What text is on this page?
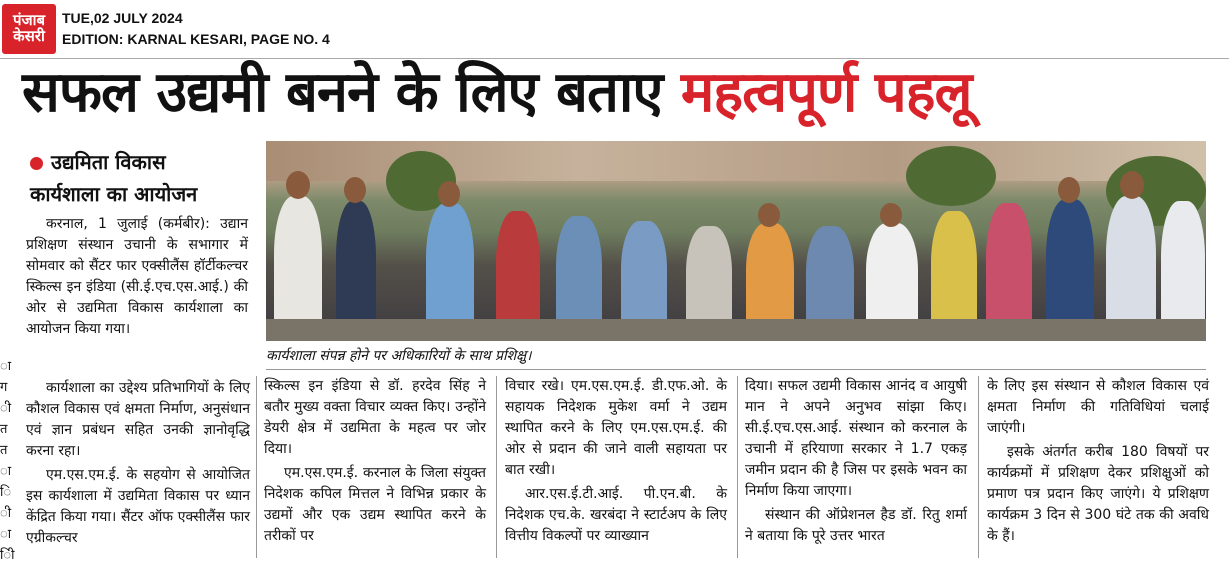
पंजाब
केसरी
TUE,02 JULY 2024
EDITION: KARNAL KESARI, PAGE NO. 4
सफल उद्यमी बनने के लिए बताए महत्वपूर्ण पहलू
उद्यमिता विकास
कार्यशाला का आयोजन
ा
ग
ी
त
त
ा
ि
ी
ा
िी
कार्यशाला संपन्न होने पर अधिकारियों के साथ प्रशिक्षु।

करनाल, 1 जुलाई (कर्मबीर): उद्यान प्रशिक्षण संस्थान उचानी के सभागार में सोमवार को सैंटर फार एक्सीलैंस हॉर्टीकल्चर स्किल्स इन इंडिया (सी.ई.एच.एस.आई.) की ओर से उद्यमिता विकास कार्यशाला का आयोजन किया गया।

कार्यशाला का उद्देश्य प्रतिभागियों के लिए कौशल विकास एवं क्षमता निर्माण, अनुसंधान एवं ज्ञान प्रबंधन सहित उनकी ज्ञानोवृद्धि करना रहा।

एम.एस.एम.ई. के सहयोग से आयोजित इस कार्यशाला में उद्यमिता विकास पर ध्यान केंद्रित किया गया। सैंटर ऑफ एक्सीलैंस फार एग्रीकल्चर

स्किल्स इन इंडिया से डॉ. हरदेव सिंह ने बतौर मुख्य वक्ता विचार व्यक्त किए। उन्होंने डेयरी क्षेत्र में उद्यमिता के महत्व पर जोर दिया।

एम.एस.एम.ई. करनाल के जिला संयुक्त निदेशक कपिल मित्तल ने विभिन्न प्रकार के उद्यमों और एक उद्यम स्थापित करने के तरीकों पर

विचार रखे। एम.एस.एम.ई. डी.एफ.ओ. के सहायक निदेशक मुकेश वर्मा ने उद्यम स्थापित करने के लिए एम.एस.एम.ई. की ओर से प्रदान की जाने वाली सहायता पर बात रखी।

आर.एस.ई.टी.आई. पी.एन.बी. के निदेशक एच.के. खरबंदा ने स्टार्टअप के लिए वित्तीय विकल्पों पर व्याख्यान

दिया। सफल उद्यमी विकास आनंद व आयुषी मान ने अपने अनुभव सांझा किए। सी.ई.एच.एस.आई. संस्थान को करनाल के उचानी में हरियाणा सरकार ने 1.7 एकड़ जमीन प्रदान की है जिस पर इसके भवन का निर्माण किया जाएगा।

संस्थान की ऑप्रेशनल हैड डॉ. रितु शर्मा ने बताया कि पूरे उत्तर भारत

के लिए इस संस्थान से कौशल विकास एवं क्षमता निर्माण की गतिविधियां चलाई जाएंगी।

इसके अंतर्गत करीब 180 विषयों पर कार्यक्रमों में प्रशिक्षण देकर प्रशिक्षुओं को प्रमाण पत्र प्रदान किए जाएंगे। ये प्रशिक्षण कार्यक्रम 3 दिन से 300 घंटे तक की अवधि के हैं।
